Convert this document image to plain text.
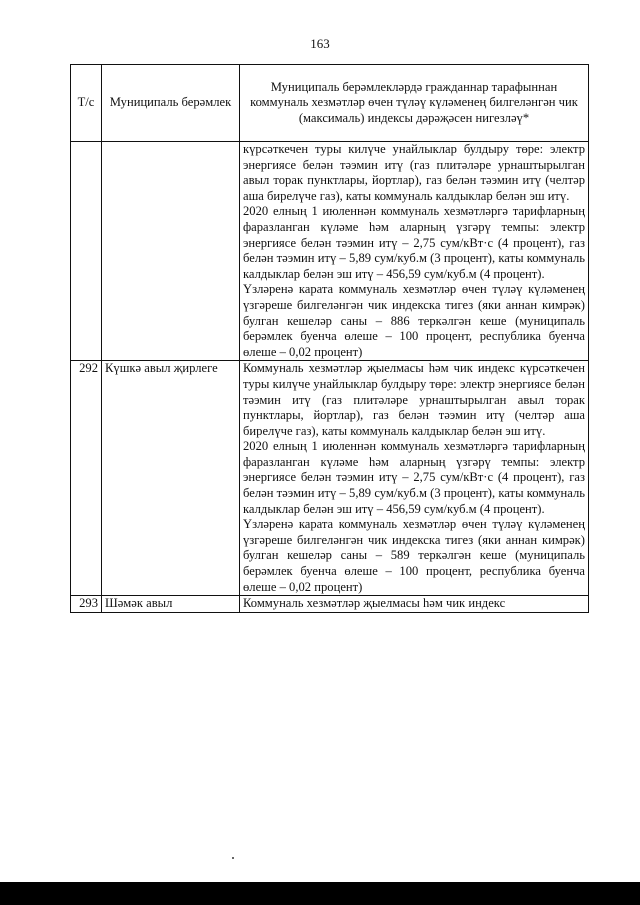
163
Т/с	Муниципаль берәмлек	Муниципаль берәмлекләрдә гражданнар тарафыннан коммуналь хезмәтләр өчен түләү күләменең билгеләнгән чик (максималь) индексы дәрәҗәсен нигезләү*

		күрсәткечен туры килүче унайлыклар булдыру төре: электр энергиясе белән тәэмин итү (газ плитәләре урнаштырылган авыл торак пунктлары, йортлар), газ белән тәэмин итү (челтәр аша бирелүче газ), каты коммуналь калдыклар белән эш итү.

2020 елның 1 июленнән коммуналь хезмәтләргә тарифларның фаразланган күләме һәм аларның үзгәрү темпы: электр энергиясе белән тәэмин итү – 2,75 сум/кВт·с (4 процент), газ белән тәэмин итү – 5,89 сум/куб.м (3 процент), каты коммуналь калдыклар белән эш итү – 456,59 сум/куб.м (4 процент).

Үзләренә карата коммуналь хезмәтләр өчен түләү күләменең үзгәреше билгеләнгән чик индекска тигез (яки аннан кимрәк) булган кешеләр саны – 886 теркәлгән кеше (муниципаль берәмлек буенча өлеше – 100 процент, республика буенча өлеше – 0,02 процент)

292	Күшкә авыл җирлеге	Коммуналь хезмәтләр җыелмасы һәм чик индекс күрсәткечен туры килүче унайлыклар булдыру төре: электр энергиясе белән тәэмин итү (газ плитәләре урнаштырылган авыл торак пунктлары, йортлар), газ белән тәэмин итү (челтәр аша бирелүче газ), каты коммуналь калдыклар белән эш итү.

2020 елның 1 июленнән коммуналь хезмәтләргә тарифларның фаразланган күләме һәм аларның үзгәрү темпы: электр энергиясе белән тәэмин итү – 2,75 сум/кВт·с (4 процент), газ белән тәэмин итү – 5,89 сум/куб.м (3 процент), каты коммуналь калдыклар белән эш итү – 456,59 сум/куб.м (4 процент).

Үзләренә карата коммуналь хезмәтләр өчен түләү күләменең үзгәреше билгеләнгән чик индекска тигез (яки аннан кимрәк) булган кешеләр саны – 589 теркәлгән кеше (муниципаль берәмлек буенча өлеше – 100 процент, республика буенча өлеше – 0,02 процент)

293	Шәмәк авыл	Коммуналь хезмәтләр җыелмасы һәм чик индекс
